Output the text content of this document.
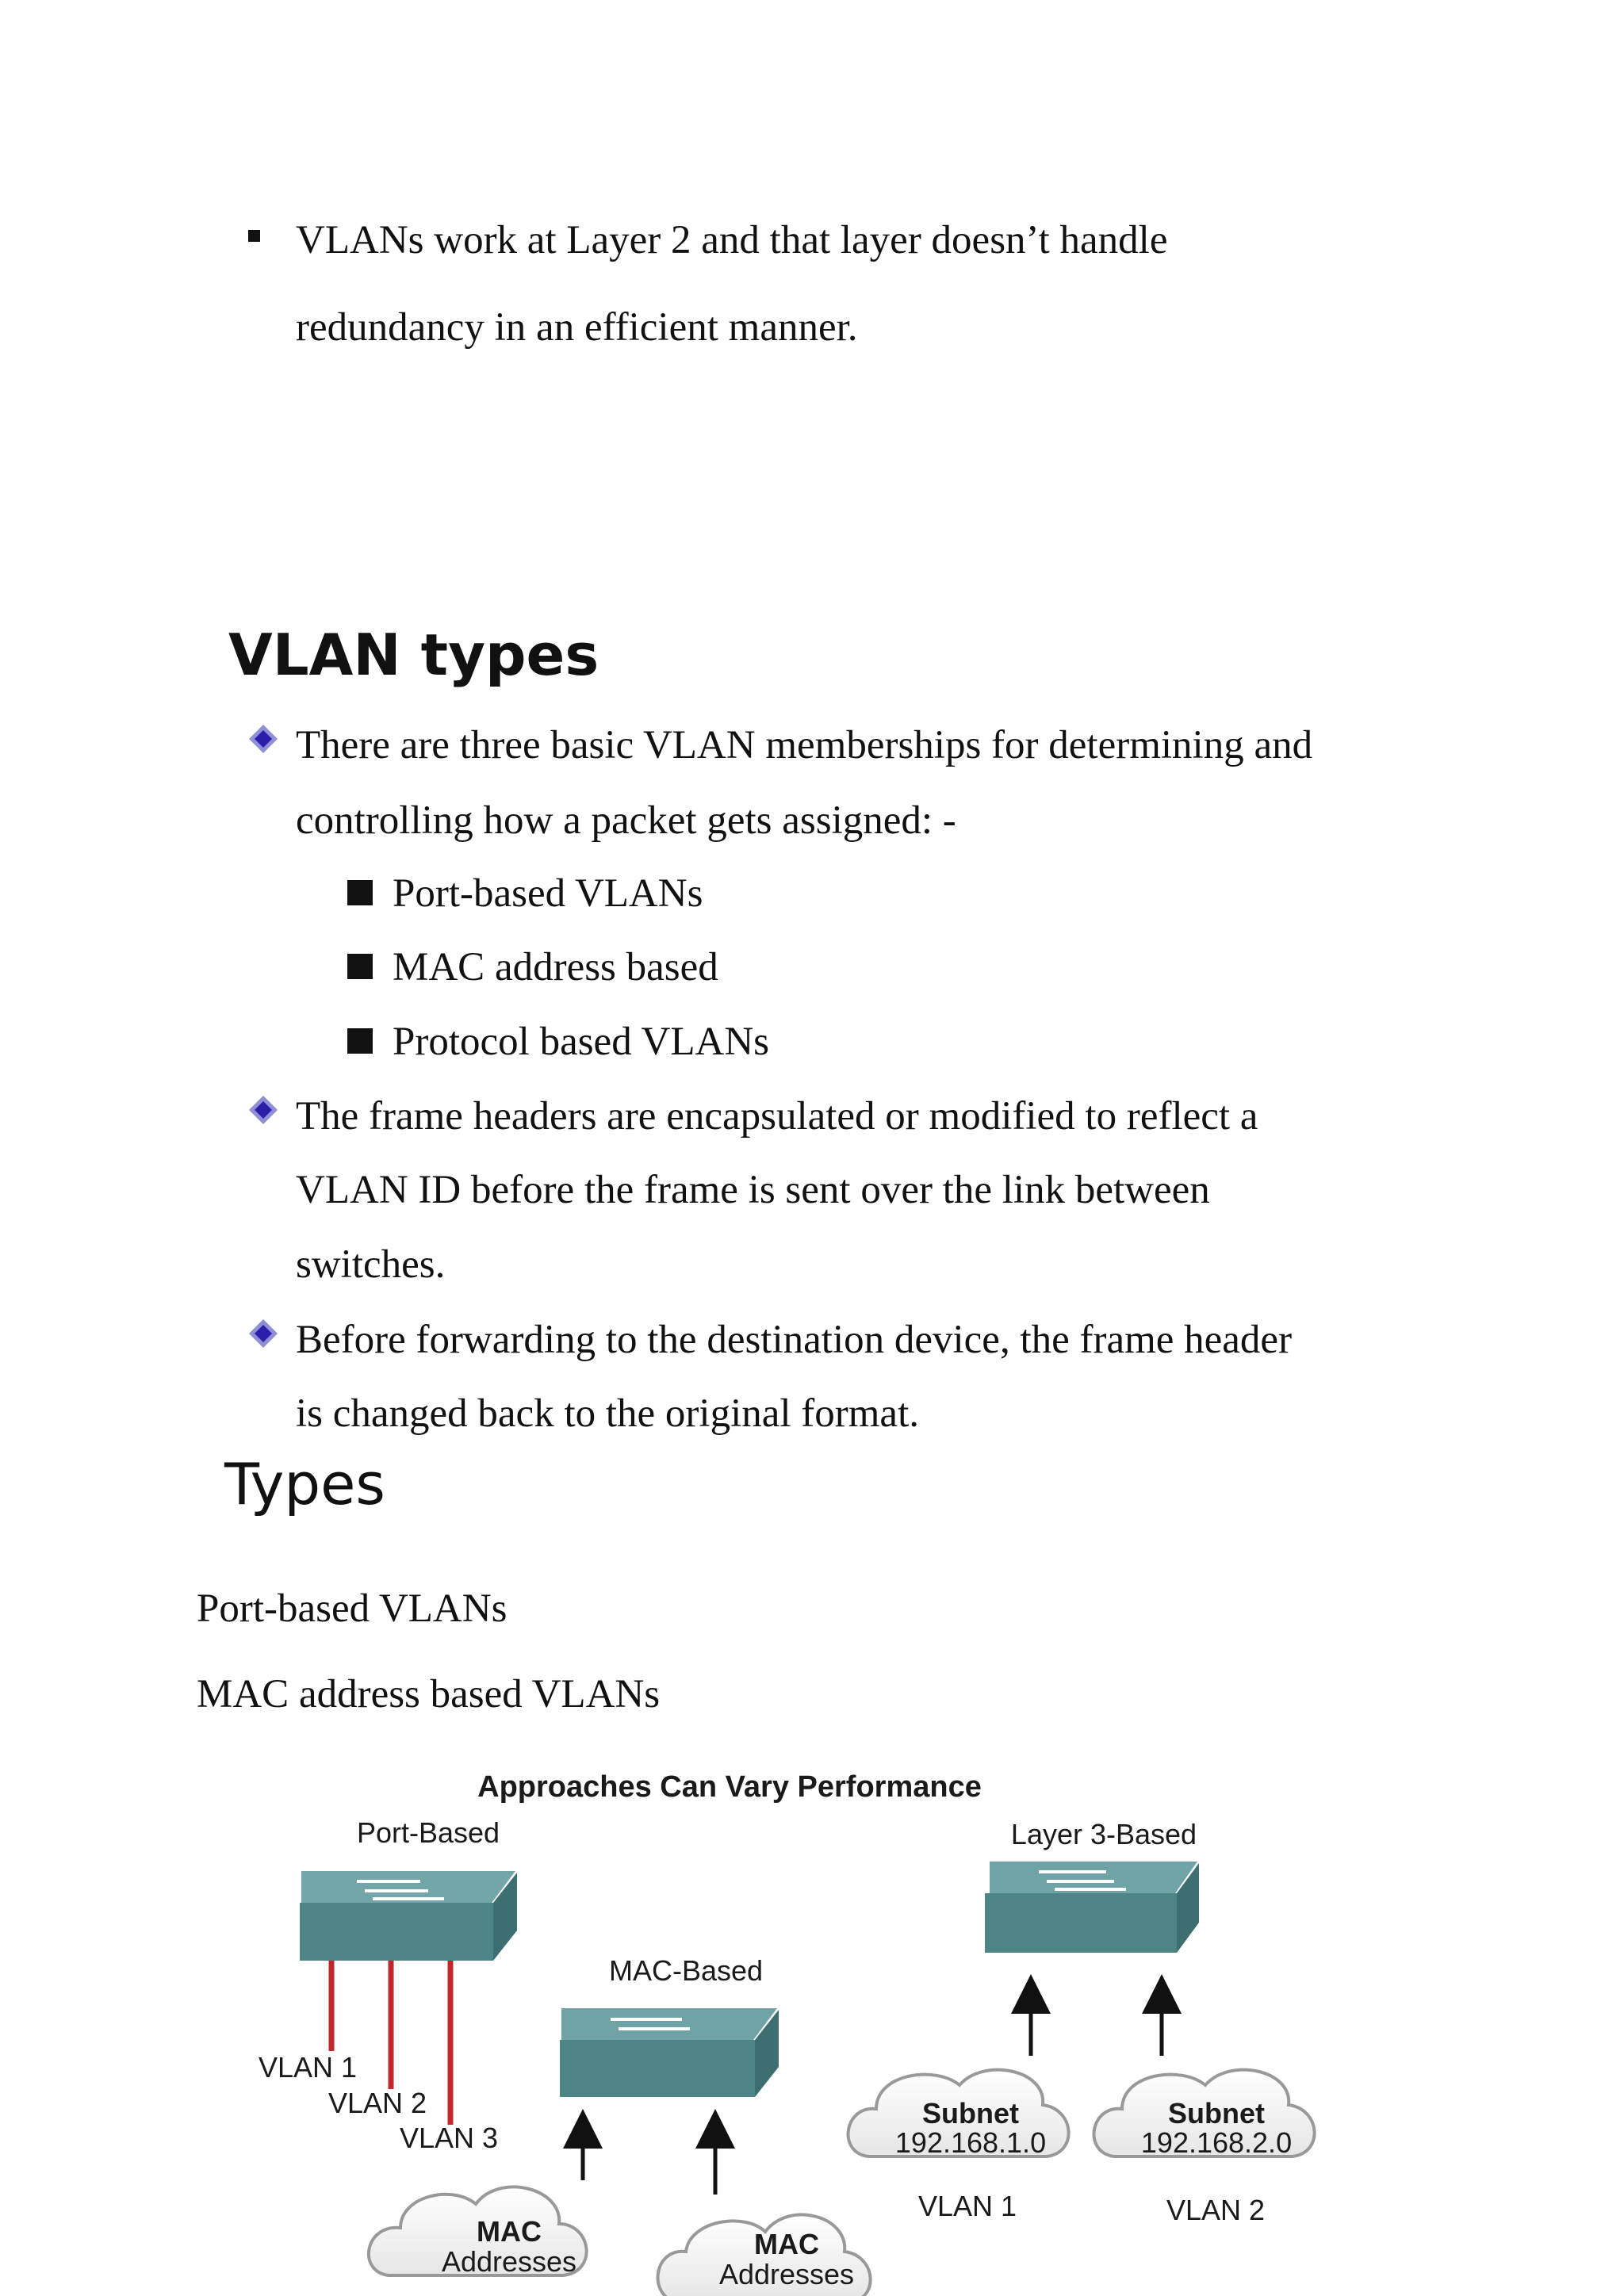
VLANs work at Layer 2 and that layer doesn’t handle
redundancy in an efficient manner.
VLAN types
There are three basic VLAN memberships for determining and
controlling how a packet gets assigned: -
Port-based VLANs
MAC address based
Protocol based VLANs
The frame headers are encapsulated or modified to reflect a
VLAN ID before the frame is sent over the link between
switches.
Before forwarding to the destination device, the frame header
is changed back to the original format.
Types
Port-based VLANs
MAC address based VLANs
Approaches Can Vary Performance
Port-Based
VLAN 1
VLAN 2
VLAN 3
MAC-Based
MAC
Addresses
MAC
Addresses
Layer 3-Based
Subnet
192.168.1.0
VLAN 1
Subnet
192.168.2.0
VLAN 2
